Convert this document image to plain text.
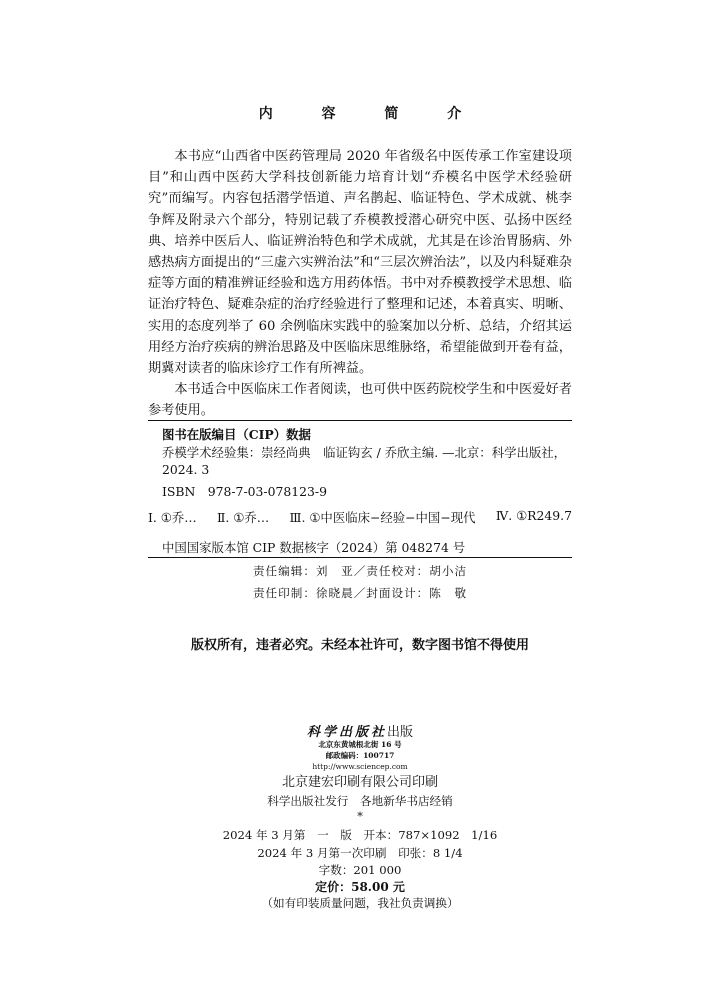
内 容 简 介

本书应“山西省中医药管理局 2020 年省级名中医传承工作室建设项目”和山西中医药大学科技创新能力培育计划“乔模名中医学术经验研究”而编写。内容包括潜学悟道、声名鹊起、临证特色、学术成就、桃李争辉及附录六个部分，特别记载了乔模教授潜心研究中医、弘扬中医经典、培养中医后人、临证辨治特色和学术成就，尤其是在诊治胃肠病、外感热病方面提出的“三虚六实辨治法”和“三层次辨治法”，以及内科疑难杂症等方面的精准辨证经验和选方用药体悟。书中对乔模教授学术思想、临证治疗特色、疑难杂症的治疗经验进行了整理和记述，本着真实、明晰、实用的态度列举了 60 余例临床实践中的验案加以分析、总结，介绍其运用经方治疗疾病的辨治思路及中医临床思维脉络，希望能做到开卷有益，期冀对读者的临床诊疗工作有所裨益。

本书适合中医临床工作者阅读，也可供中医药院校学生和中医爱好者参考使用。

图书在版编目（CIP）数据
乔模学术经验集：崇经尚典　临证钩玄 / 乔欣主编. —北京：科学出版社，2024. 3
ISBN　978-7-03-078123-9
Ⅰ. ①乔… Ⅱ. ①乔… Ⅲ. ①中医临床−经验−中国−现代 Ⅳ. ①R249.7
中国国家版本馆 CIP 数据核字（2024）第 048274 号
责任编辑：刘　亚／责任校对：胡小洁
责任印制：徐晓晨／封面设计：陈　敬
版权所有，违者必究。未经本社许可，数字图书馆不得使用
科学出版社出版
北京东黄城根北街 16 号
邮政编码：100717
http://www.sciencep.com
北京建宏印刷有限公司印刷
科学出版社发行　各地新华书店经销
*
2024 年 3 月第　一　版　开本：787×1092　1/16
2024 年 3 月第一次印刷　印张：8 1/4
字数：201 000
定价：58.00 元
（如有印装质量问题，我社负责调换）
